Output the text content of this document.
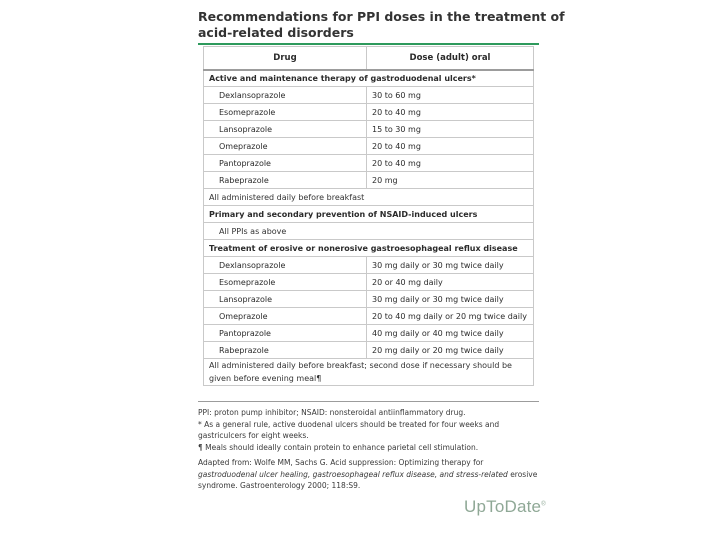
Recommendations for PPI doses in the treatment of
acid-related disorders
Drug	Dose (adult) oral
Active and maintenance therapy of gastroduodenal ulcers*	
Dexlansoprazole	30 to 60 mg
Esomeprazole	20 to 40 mg
Lansoprazole	15 to 30 mg
Omeprazole	20 to 40 mg
Pantoprazole	20 to 40 mg
Rabeprazole	20 mg
All administered daily before breakfast	
Primary and secondary prevention of NSAID-induced ulcers	
All PPIs as above	
Treatment of erosive or nonerosive gastroesophageal reflux disease	
Dexlansoprazole	30 mg daily or 30 mg twice daily
Esomeprazole	20 or 40 mg daily
Lansoprazole	30 mg daily or 30 mg twice daily
Omeprazole	20 to 40 mg daily or 20 mg twice daily
Pantoprazole	40 mg daily or 40 mg twice daily
Rabeprazole	20 mg daily or 20 mg twice daily
All administered daily before breakfast; second dose if necessary should be given before evening meal¶	

PPI: proton pump inhibitor; NSAID: nonsteroidal antiinflammatory drug.

* As a general rule, active duodenal ulcers should be treated for four weeks and gastriculcers for eight weeks.

¶ Meals should ideally contain protein to enhance parietal cell stimulation.

Adapted from: Wolfe MM, Sachs G. Acid suppression: Optimizing therapy for gastroduodenal ulcer healing, gastroesophageal reflux disease, and stress-related erosive syndrome. Gastroenterology 2000; 118:S9.

UpToDate®
